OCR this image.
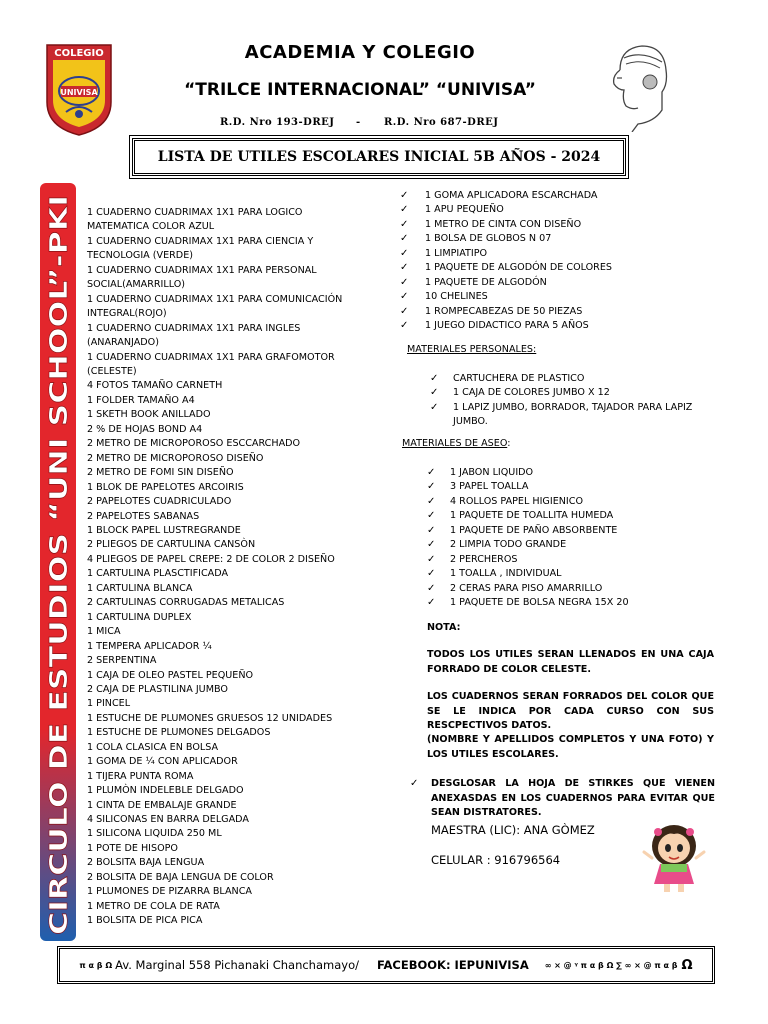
COLEGIO
UNIVISA
ACADEMIA Y COLEGIO
“TRILCE INTERNACIONAL” “UNIVISA”
R.D. Nro 193-DREJ - R.D. Nro 687-DREJ
LISTA DE UTILES ESCOLARES INICIAL 5B AÑOS - 2024
CIRCULO DE ESTUDIOS “UNI SCHOOL”-PKI
1 CUADERNO CUADRIMAX 1X1 PARA LOGICO MATEMATICA COLOR AZUL
1 CUADERNO CUADRIMAX 1X1 PARA CIENCIA Y TECNOLOGIA (VERDE)
1 CUADERNO CUADRIMAX 1X1 PARA PERSONAL SOCIAL(AMARRILLO)
1 CUADERNO CUADRIMAX 1X1 PARA COMUNICACIÓN INTEGRAL(ROJO)
1 CUADERNO CUADRIMAX 1X1 PARA INGLES (ANARANJADO)
1 CUADERNO CUADRIMAX 1X1 PARA GRAFOMOTOR (CELESTE)
4 FOTOS TAMAÑO CARNETH
1 FOLDER TAMAÑO A4
1 SKETH BOOK ANILLADO
2 % DE HOJAS BOND A4
2 METRO DE MICROPOROSO ESCCARCHADO
2 METRO DE MICROPOROSO DISEÑO
2 METRO DE FOMI SIN DISEÑO
1 BLOK DE PAPELOTES ARCOIRIS
2 PAPELOTES CUADRICULADO
2 PAPELOTES SABANAS
1 BLOCK PAPEL LUSTREGRANDE
2 PLIEGOS DE CARTULINA CANSÒN
4 PLIEGOS DE PAPEL CREPE: 2 DE COLOR 2 DISEÑO
1 CARTULINA PLASCTIFICADA
1 CARTULINA BLANCA
2 CARTULINAS CORRUGADAS METALICAS
1 CARTULINA DUPLEX
1 MICA
1 TEMPERA APLICADOR ¼
2 SERPENTINA
1 CAJA DE OLEO PASTEL PEQUEÑO
2 CAJA DE PLASTILINA JUMBO
1 PINCEL
1 ESTUCHE DE PLUMONES GRUESOS 12 UNIDADES
1 ESTUCHE DE PLUMONES DELGADOS
1 COLA CLASICA EN BOLSA
1 GOMA DE ¼ CON APLICADOR
1 TIJERA PUNTA ROMA
1 PLUMÒN INDELEBLE DELGADO
1 CINTA DE EMBALAJE GRANDE
4 SILICONAS EN BARRA DELGADA
1 SILICONA LIQUIDA 250 ML
1 POTE DE HISOPO
2 BOLSITA BAJA LENGUA
2 BOLSITA DE BAJA LENGUA DE COLOR
1 PLUMONES DE PIZARRA BLANCA
1 METRO DE COLA DE RATA
1 BOLSITA DE PICA PICA
✓	1 GOMA APLICADORA ESCARCHADA
✓	1 APU PEQUEÑO
✓	1 METRO DE CINTA CON DISEÑO
✓	1 BOLSA DE GLOBOS N 07
✓	1 LIMPIATIPO
✓	1 PAQUETE DE ALGODÓN DE COLORES
✓	1 PAQUETE DE ALGODÓN
✓	10 CHELINES
✓	1 ROMPECABEZAS DE 50 PIEZAS
✓	1 JUEGO DIDACTICO PARA 5 AÑOS
MATERIALES PERSONALES:
✓	CARTUCHERA DE PLASTICO
✓	1 CAJA DE COLORES JUMBO X 12
✓	1 LAPIZ JUMBO, BORRADOR, TAJADOR PARA LAPIZ JUMBO.
MATERIALES DE ASEO:
✓	1 JABON LIQUIDO
✓	3 PAPEL TOALLA
✓	4 ROLLOS PAPEL HIGIENICO
✓	1 PAQUETE DE TOALLITA HUMEDA
✓	1 PAQUETE DE PAÑO ABSORBENTE
✓	2 LIMPIA TODO GRANDE
✓	2 PERCHEROS
✓	1 TOALLA , INDIVIDUAL
✓	2 CERAS PARA PISO AMARRILLO
✓	1 PAQUETE DE BOLSA NEGRA 15X 20
NOTA:
TODOS LOS UTILES SERAN LLENADOS EN UNA CAJA FORRADO DE COLOR CELESTE.
LOS CUADERNOS SERAN FORRADOS DEL COLOR QUE SE LE INDICA POR CADA CURSO CON SUS RESCPECTIVOS DATOS.
(NOMBRE Y APELLIDOS COMPLETOS Y UNA FOTO) Y LOS UTILES ESCOLARES.
✓	DESGLOSAR LA HOJA DE STIRKES QUE VIENEN ANEXASDAS EN LOS CUADERNOS PARA EVITAR QUE SEAN DISTRATORES.
MAESTRA (LIC): ANA GÒMEZ
CELULAR : 916796564
π α β Ω Av. Marginal 558 Pichanaki Chanchamayo/ FACEBOOK: IEPUNIVISA ∞ × @ ᵞ π α β Ω ∑ ∞ × @ π α β Ω
